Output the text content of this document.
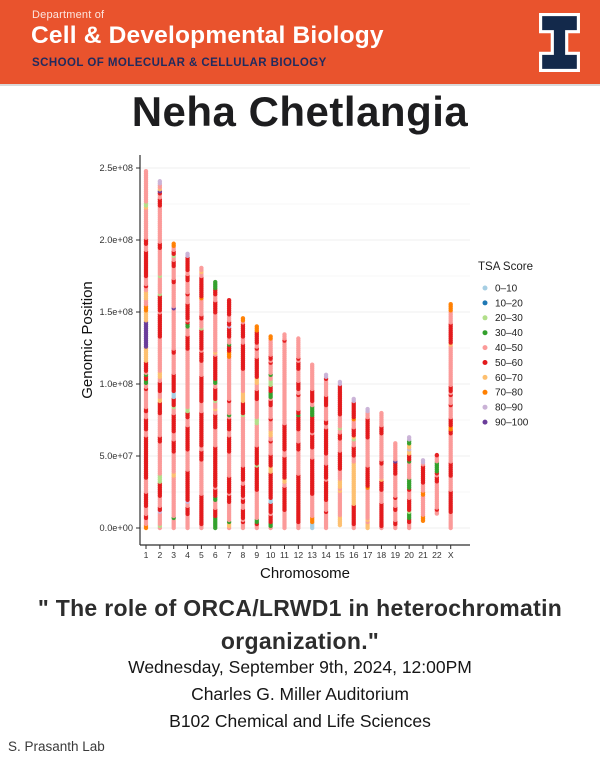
Department of
Cell & Developmental Biology
SCHOOL OF MOLECULAR & CELLULAR BIOLOGY
Neha Chetlangia
0.0e+00
5.0e+07
1.0e+08
1.5e+08
2.0e+08
2.5e+08
1 2 3 4 5 6 7 8 9 10 11 12 13 14 15 16 17 18 19 20 21 22 X
Genomic Position
Chromosome
TSA Score
0–10
10–20
20–30
30–40
40–50
50–60
60–70
70–80
80–90
90–100
" The role of ORCA/LRWD1 in heterochromatin
organization."
Wednesday, September 9th, 2024, 12:00PM
Charles G. Miller Auditorium
B102 Chemical and Life Sciences
S. Prasanth Lab
